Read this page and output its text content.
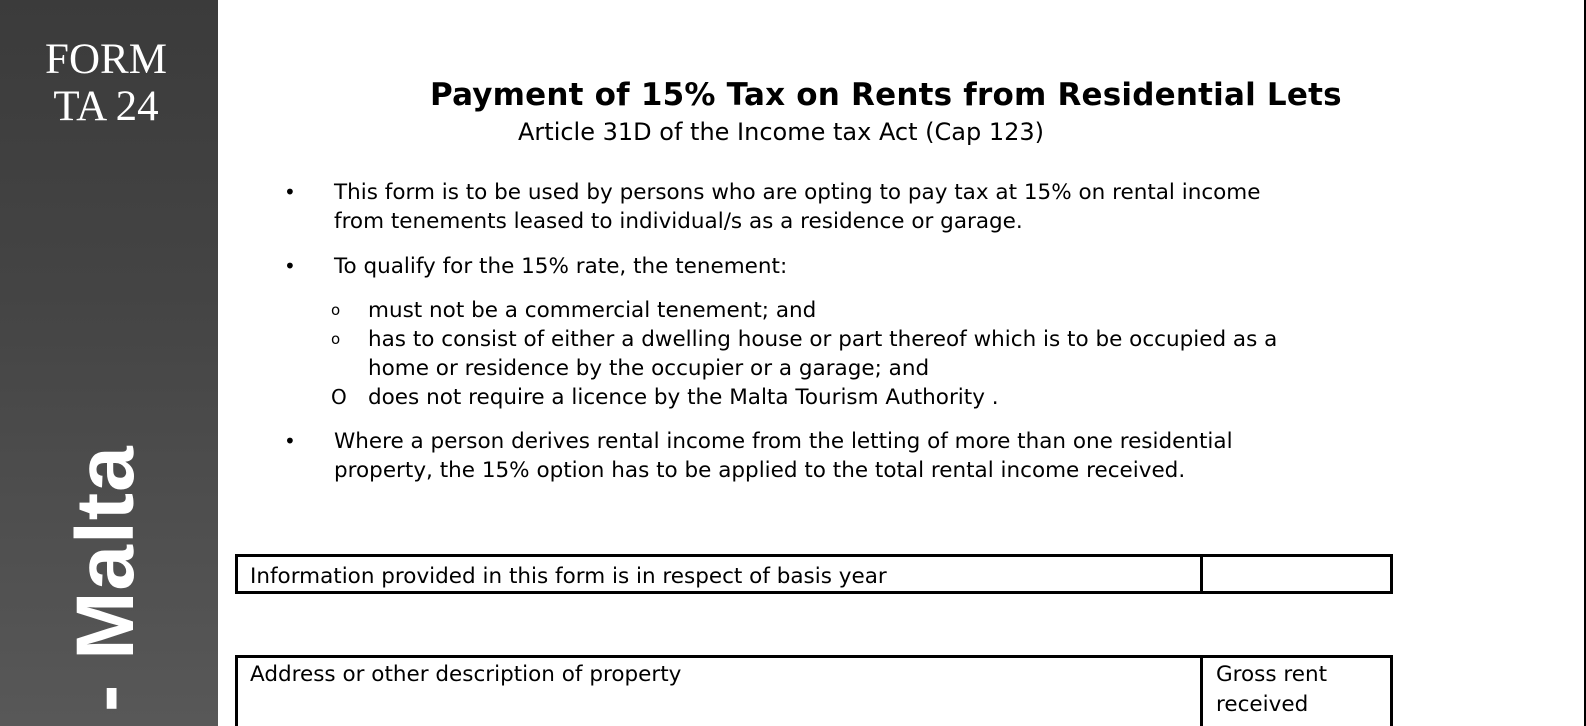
FORM
TA 24
- Malta
Payment of 15% Tax on Rents from Residential Lets
Article 31D of the Income tax Act (Cap 123)
•	This form is to be used by persons who are opting to pay tax at 15% on rental income
from tenements leased to individual/s as a residence or garage.
•	To qualify for the 15% rate, the tenement:
o must not be a commercial tenement; and
o has to consist of either a dwelling house or part thereof which is to be occupied as a
home or residence by the occupier or a garage; and
O does not require a licence by the Malta Tourism Authority .
•	Where a person derives rental income from the letting of more than one residential
property, the 15% option has to be applied to the total rental income received.
Information provided in this form is in respect of basis year
Address or other description of property	Gross rent
received
